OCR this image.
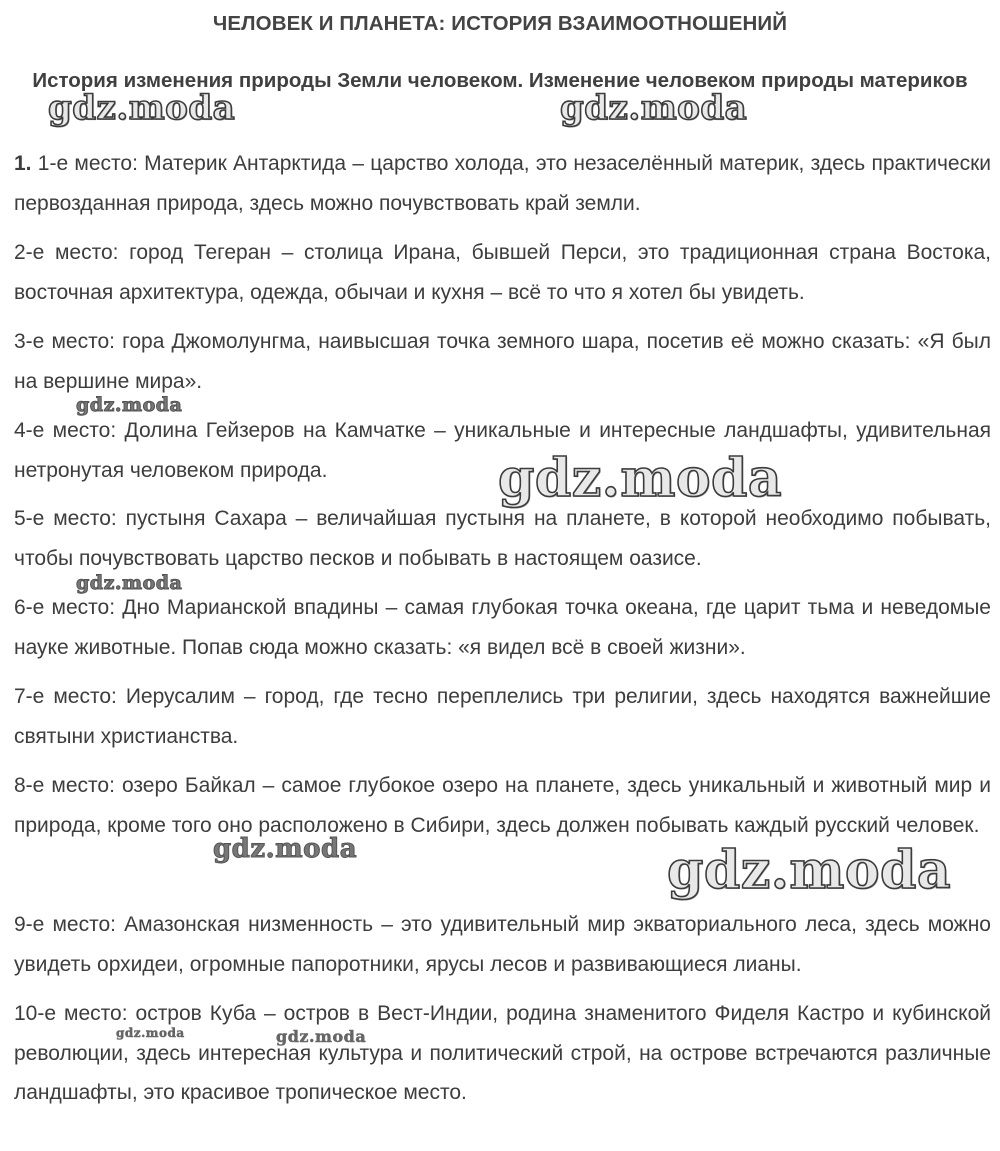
ЧЕЛОВЕК И ПЛАНЕТА: ИСТОРИЯ ВЗАИМООТНОШЕНИЙ
История изменения природы Земли человеком. Изменение человеком природы материков
1. 1-е место: Материк Антарктида – царство холода, это незаселённый материк, здесь практически первозданная природа, здесь можно почувствовать край земли.
2-е место: город Тегеран – столица Ирана, бывшей Перси, это традиционная страна Востока, восточная архитектура, одежда, обычаи и кухня – всё то что я хотел бы увидеть.
3-е место: гора Джомолунгма, наивысшая точка земного шара, посетив её можно сказать: «Я был на вершине мира».
4-е место: Долина Гейзеров на Камчатке – уникальные и интересные ландшафты, удивительная нетронутая человеком природа.
5-е место: пустыня Сахара – величайшая пустыня на планете, в которой необходимо побывать, чтобы почувствовать царство песков и побывать в настоящем оазисе.
6-е место: Дно Марианской впадины – самая глубокая точка океана, где царит тьма и неведомые науке животные. Попав сюда можно сказать: «я видел всё в своей жизни».
7-е место: Иерусалим – город, где тесно переплелись три религии, здесь находятся важнейшие святыни христианства.
8-е место: озеро Байкал – самое глубокое озеро на планете, здесь уникальный и животный мир и природа, кроме того оно расположено в Сибири, здесь должен побывать каждый русский человек.
9-е место: Амазонская низменность – это удивительный мир экваториального леса, здесь можно увидеть орхидеи, огромные папоротники, ярусы лесов и развивающиеся лианы.
10-е место: остров Куба – остров в Вест-Индии, родина знаменитого Фиделя Кастро и кубинской революции, здесь интересная культура и политический строй, на острове встречаются различные ландшафты, это красивое тропическое место.
gdz.moda	gdz.moda
gdz.moda
gdz.moda
gdz.moda
gdz.moda	gdz.moda
gdz.moda	gdz.moda
